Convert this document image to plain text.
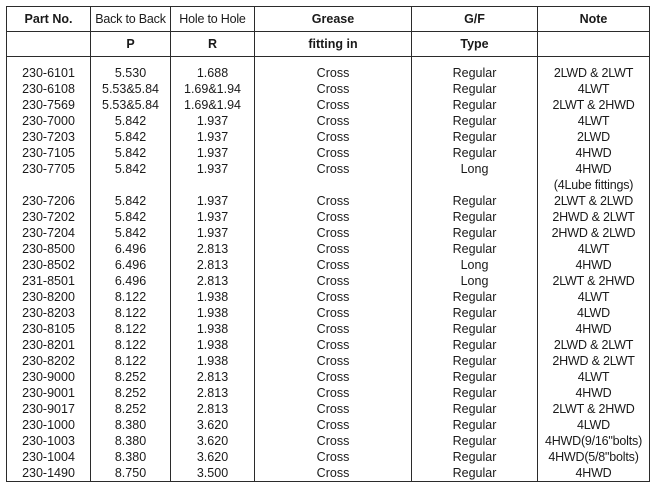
Part No.	Back to Back	Hole to Hole	Grease	G/F	Note
	P	R	fitting in	Type	

230-6101	5.530	1.688	Cross	Regular	2LWD & 2LWT
230-6108	5.53&5.84	1.69&1.94	Cross	Regular	4LWT
230-7569	5.53&5.84	1.69&1.94	Cross	Regular	2LWT & 2HWD
230-7000	5.842	1.937	Cross	Regular	4LWT
230-7203	5.842	1.937	Cross	Regular	2LWD
230-7105	5.842	1.937	Cross	Regular	4HWD
230-7705	5.842	1.937	Cross	Long	4HWD
					(4Lube fittings)
230-7206	5.842	1.937	Cross	Regular	2LWT & 2LWD
230-7202	5.842	1.937	Cross	Regular	2HWD & 2LWT
230-7204	5.842	1.937	Cross	Regular	2HWD & 2LWD
230-8500	6.496	2.813	Cross	Regular	4LWT
230-8502	6.496	2.813	Cross	Long	4HWD
231-8501	6.496	2.813	Cross	Long	2LWT & 2HWD
230-8200	8.122	1.938	Cross	Regular	4LWT
230-8203	8.122	1.938	Cross	Regular	4LWD
230-8105	8.122	1.938	Cross	Regular	4HWD
230-8201	8.122	1.938	Cross	Regular	2LWD & 2LWT
230-8202	8.122	1.938	Cross	Regular	2HWD & 2LWT
230-9000	8.252	2.813	Cross	Regular	4LWT
230-9001	8.252	2.813	Cross	Regular	4HWD
230-9017	8.252	2.813	Cross	Regular	2LWT & 2HWD
230-1000	8.380	3.620	Cross	Regular	4LWD
230-1003	8.380	3.620	Cross	Regular	4HWD(9/16"bolts)
230-1004	8.380	3.620	Cross	Regular	4HWD(5/8"bolts)
230-1490	8.750	3.500	Cross	Regular	4HWD
